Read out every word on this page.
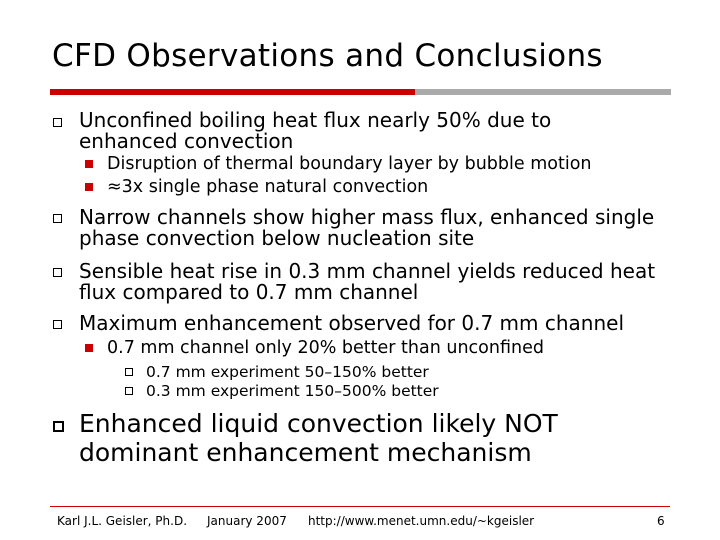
CFD Observations and Conclusions
Unconfined boiling heat flux nearly 50% due to enhanced convection
Disruption of thermal boundary layer by bubble motion
≈3x single phase natural convection
Narrow channels show higher mass flux, enhanced single phase convection below nucleation site
Sensible heat rise in 0.3 mm channel yields reduced heat flux compared to 0.7 mm channel
Maximum enhancement observed for 0.7 mm channel
0.7 mm channel only 20% better than unconfined
0.7 mm experiment 50–150% better
0.3 mm experiment 150–500% better
Enhanced liquid convection likely NOT dominant enhancement mechanism
Karl J.L. Geisler, Ph.D. January 2007 http://www.menet.umn.edu/~kgeisler	6
